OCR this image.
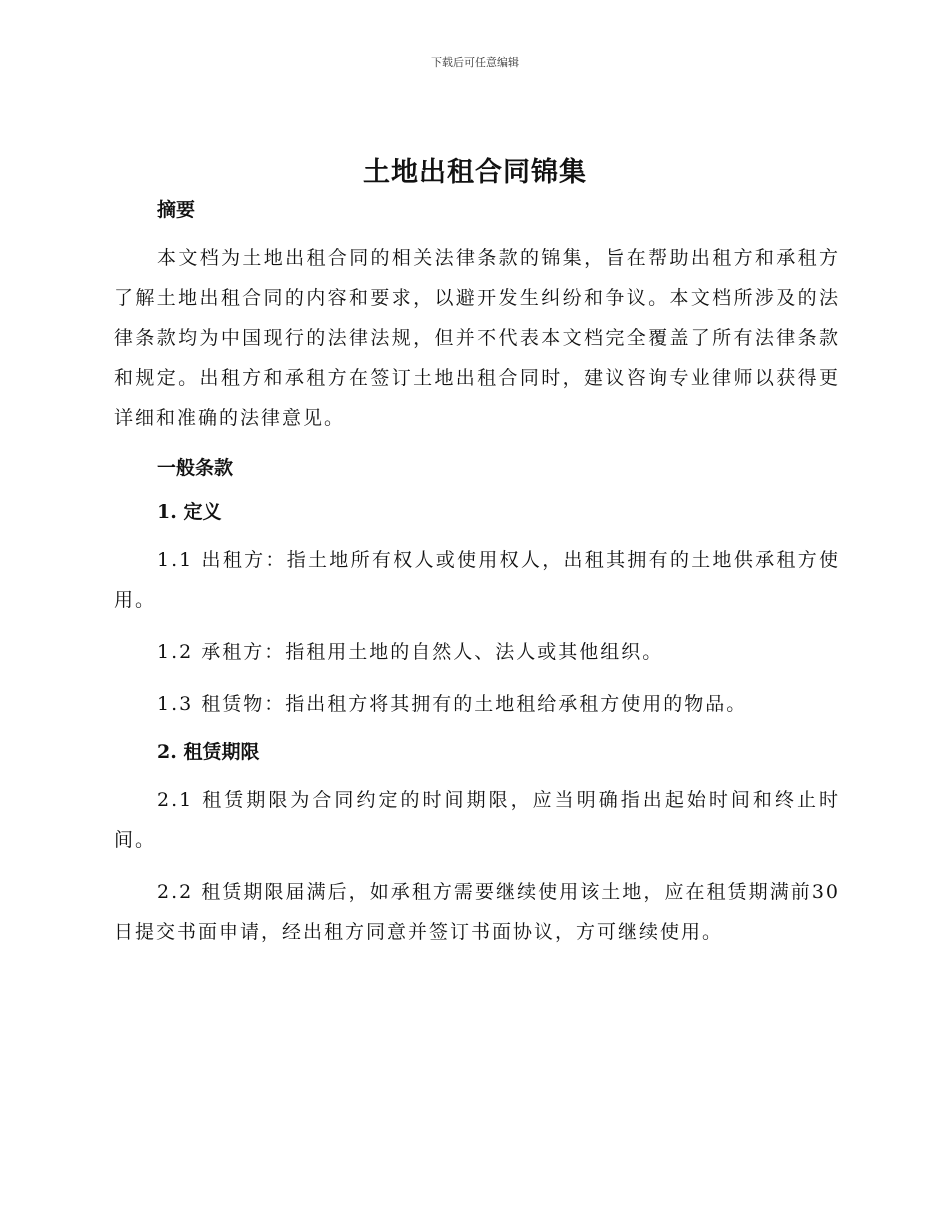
下载后可任意编辑
土地出租合同锦集

摘要

本文档为土地出租合同的相关法律条款的锦集，旨在帮助出租方和承租方了解土地出租合同的内容和要求，以避开发生纠纷和争议。本文档所涉及的法律条款均为中国现行的法律法规，但并不代表本文档完全覆盖了所有法律条款和规定。出租方和承租方在签订土地出租合同时，建议咨询专业律师以获得更详细和准确的法律意见。

一般条款

1. 定义

1.1 出租方：指土地所有权人或使用权人，出租其拥有的土地供承租方使用。

1.2 承租方：指租用土地的自然人、法人或其他组织。

1.3 租赁物：指出租方将其拥有的土地租给承租方使用的物品。

2. 租赁期限

2.1 租赁期限为合同约定的时间期限，应当明确指出起始时间和终止时间。

2.2 租赁期限届满后，如承租方需要继续使用该土地，应在租赁期满前30日提交书面申请，经出租方同意并签订书面协议，方可继续使用。
